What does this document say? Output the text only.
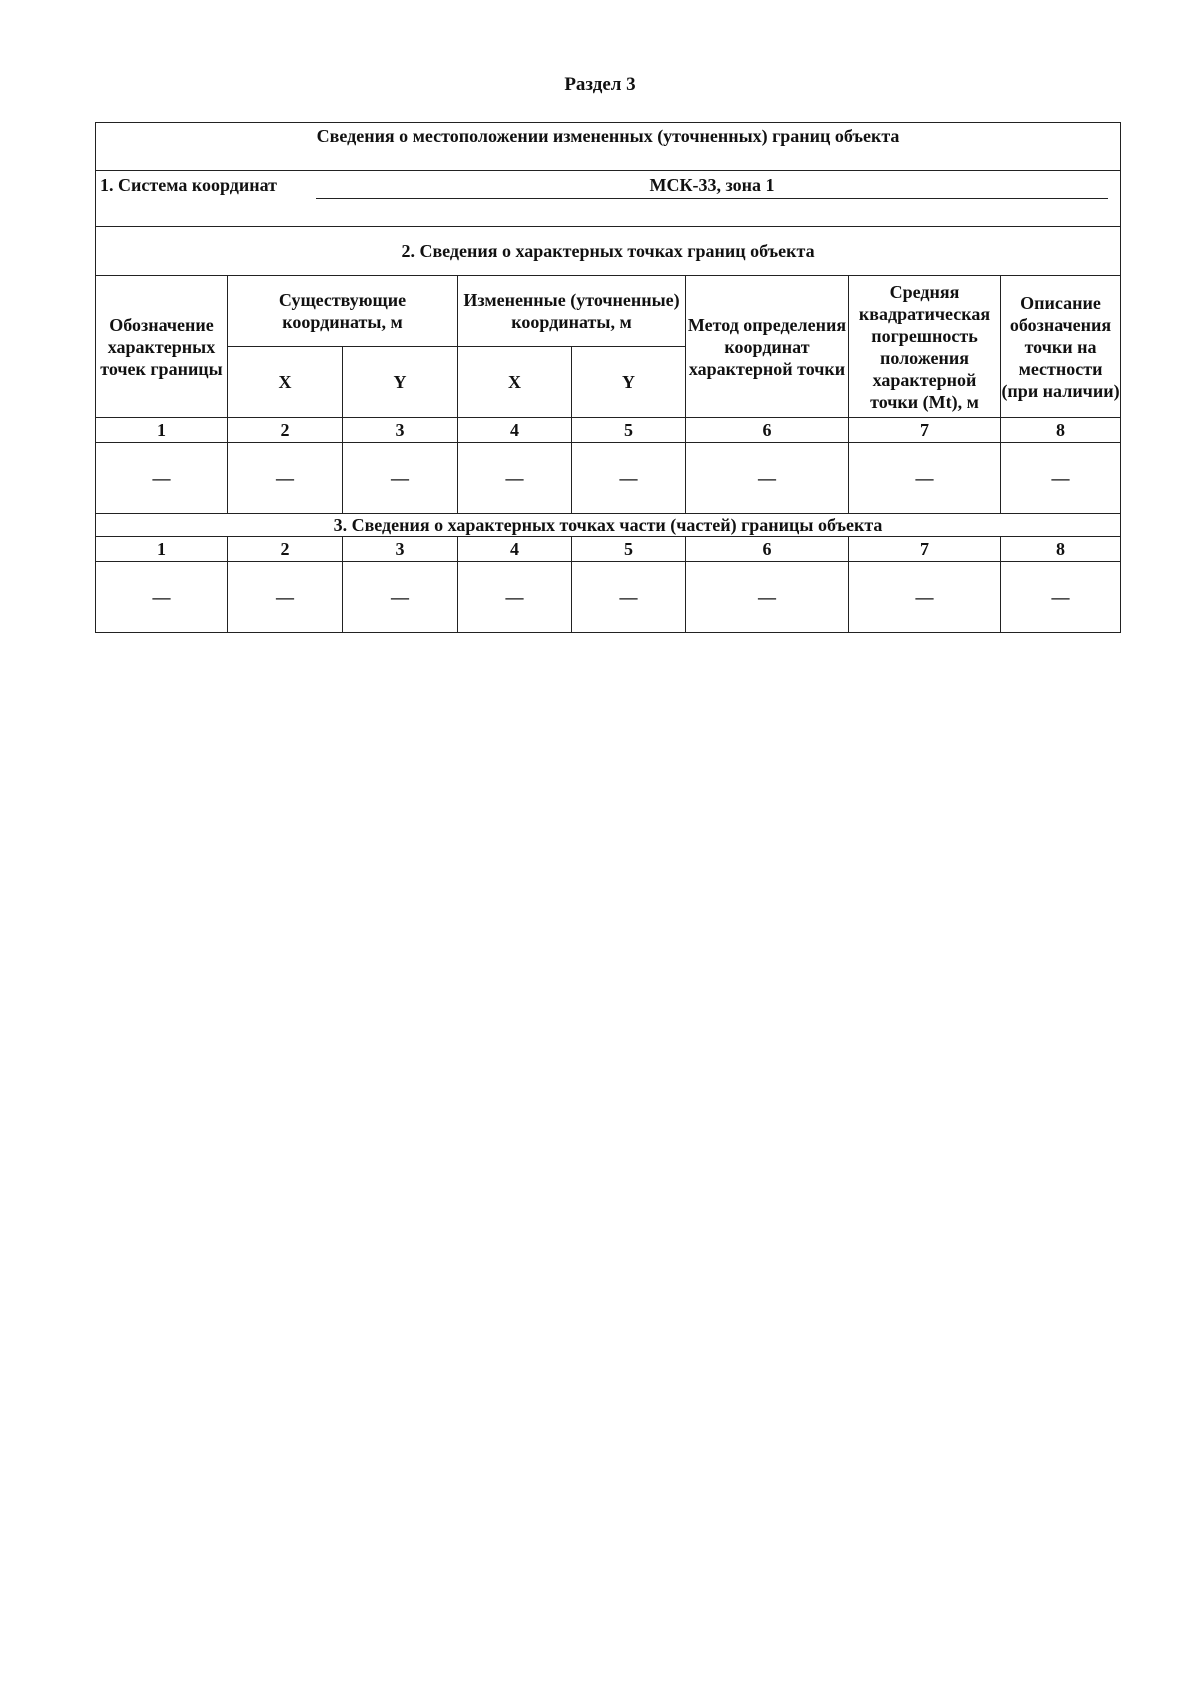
Раздел 3
Сведения о местоположении измененных (уточненных) границ объекта							

1. Система координат МСК-33, зона 1							

2. Сведения о характерных точках границ объекта							
Обозначение характерных точек границы	Существующие координаты, м		Измененные (уточненные) координаты, м		Метод определения координат характерной точки	Средняя квадратическая погрешность положения характерной точки (Mt), м	Описание обозначения точки на местности (при наличии)
	X	Y	X	Y			
1	2	3	4	5	6	7	8
—	—	—	—	—	—	—	—
3. Сведения о характерных точках части (частей) границы объекта							
1	2	3	4	5	6	7	8
—	—	—	—	—	—	—	—
